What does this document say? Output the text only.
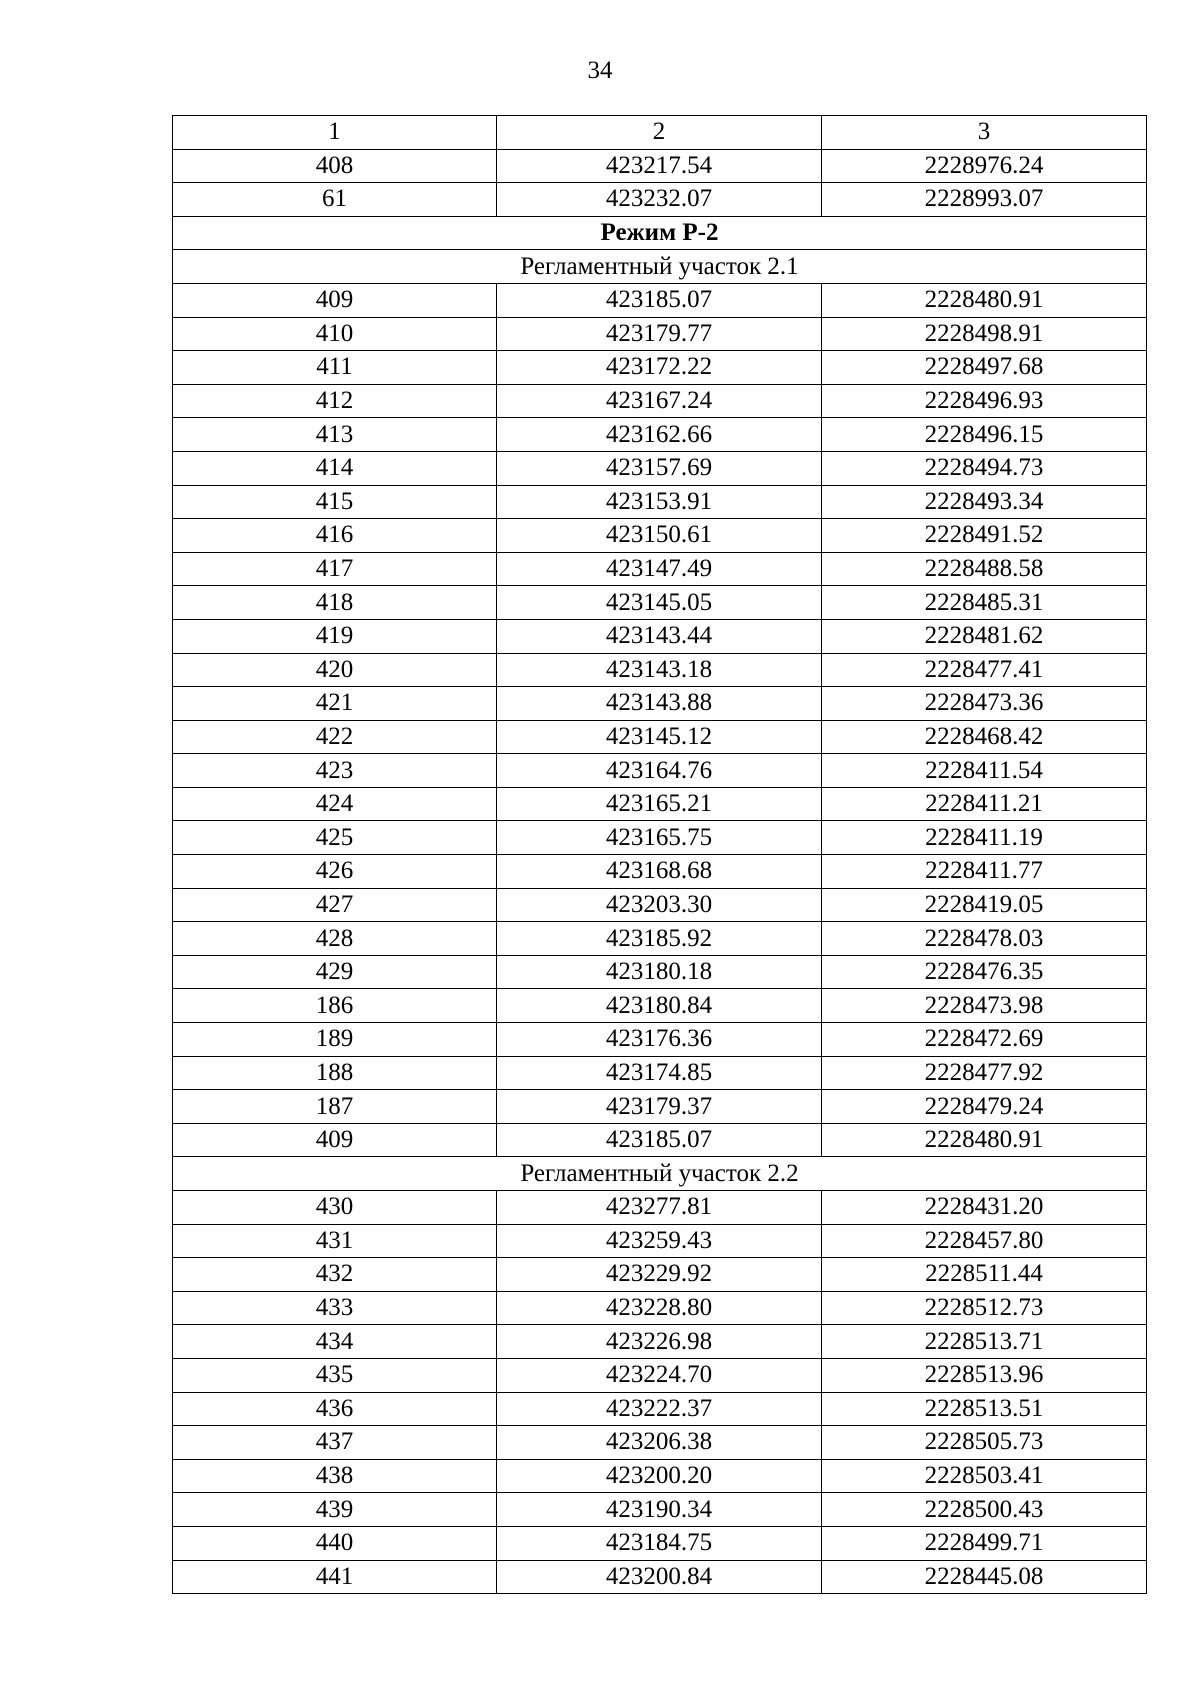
34
1	2	3
408	423217.54	2228976.24
61	423232.07	2228993.07
Режим Р-2		
Регламентный участок 2.1		
409	423185.07	2228480.91
410	423179.77	2228498.91
411	423172.22	2228497.68
412	423167.24	2228496.93
413	423162.66	2228496.15
414	423157.69	2228494.73
415	423153.91	2228493.34
416	423150.61	2228491.52
417	423147.49	2228488.58
418	423145.05	2228485.31
419	423143.44	2228481.62
420	423143.18	2228477.41
421	423143.88	2228473.36
422	423145.12	2228468.42
423	423164.76	2228411.54
424	423165.21	2228411.21
425	423165.75	2228411.19
426	423168.68	2228411.77
427	423203.30	2228419.05
428	423185.92	2228478.03
429	423180.18	2228476.35
186	423180.84	2228473.98
189	423176.36	2228472.69
188	423174.85	2228477.92
187	423179.37	2228479.24
409	423185.07	2228480.91
Регламентный участок 2.2		
430	423277.81	2228431.20
431	423259.43	2228457.80
432	423229.92	2228511.44
433	423228.80	2228512.73
434	423226.98	2228513.71
435	423224.70	2228513.96
436	423222.37	2228513.51
437	423206.38	2228505.73
438	423200.20	2228503.41
439	423190.34	2228500.43
440	423184.75	2228499.71
441	423200.84	2228445.08
